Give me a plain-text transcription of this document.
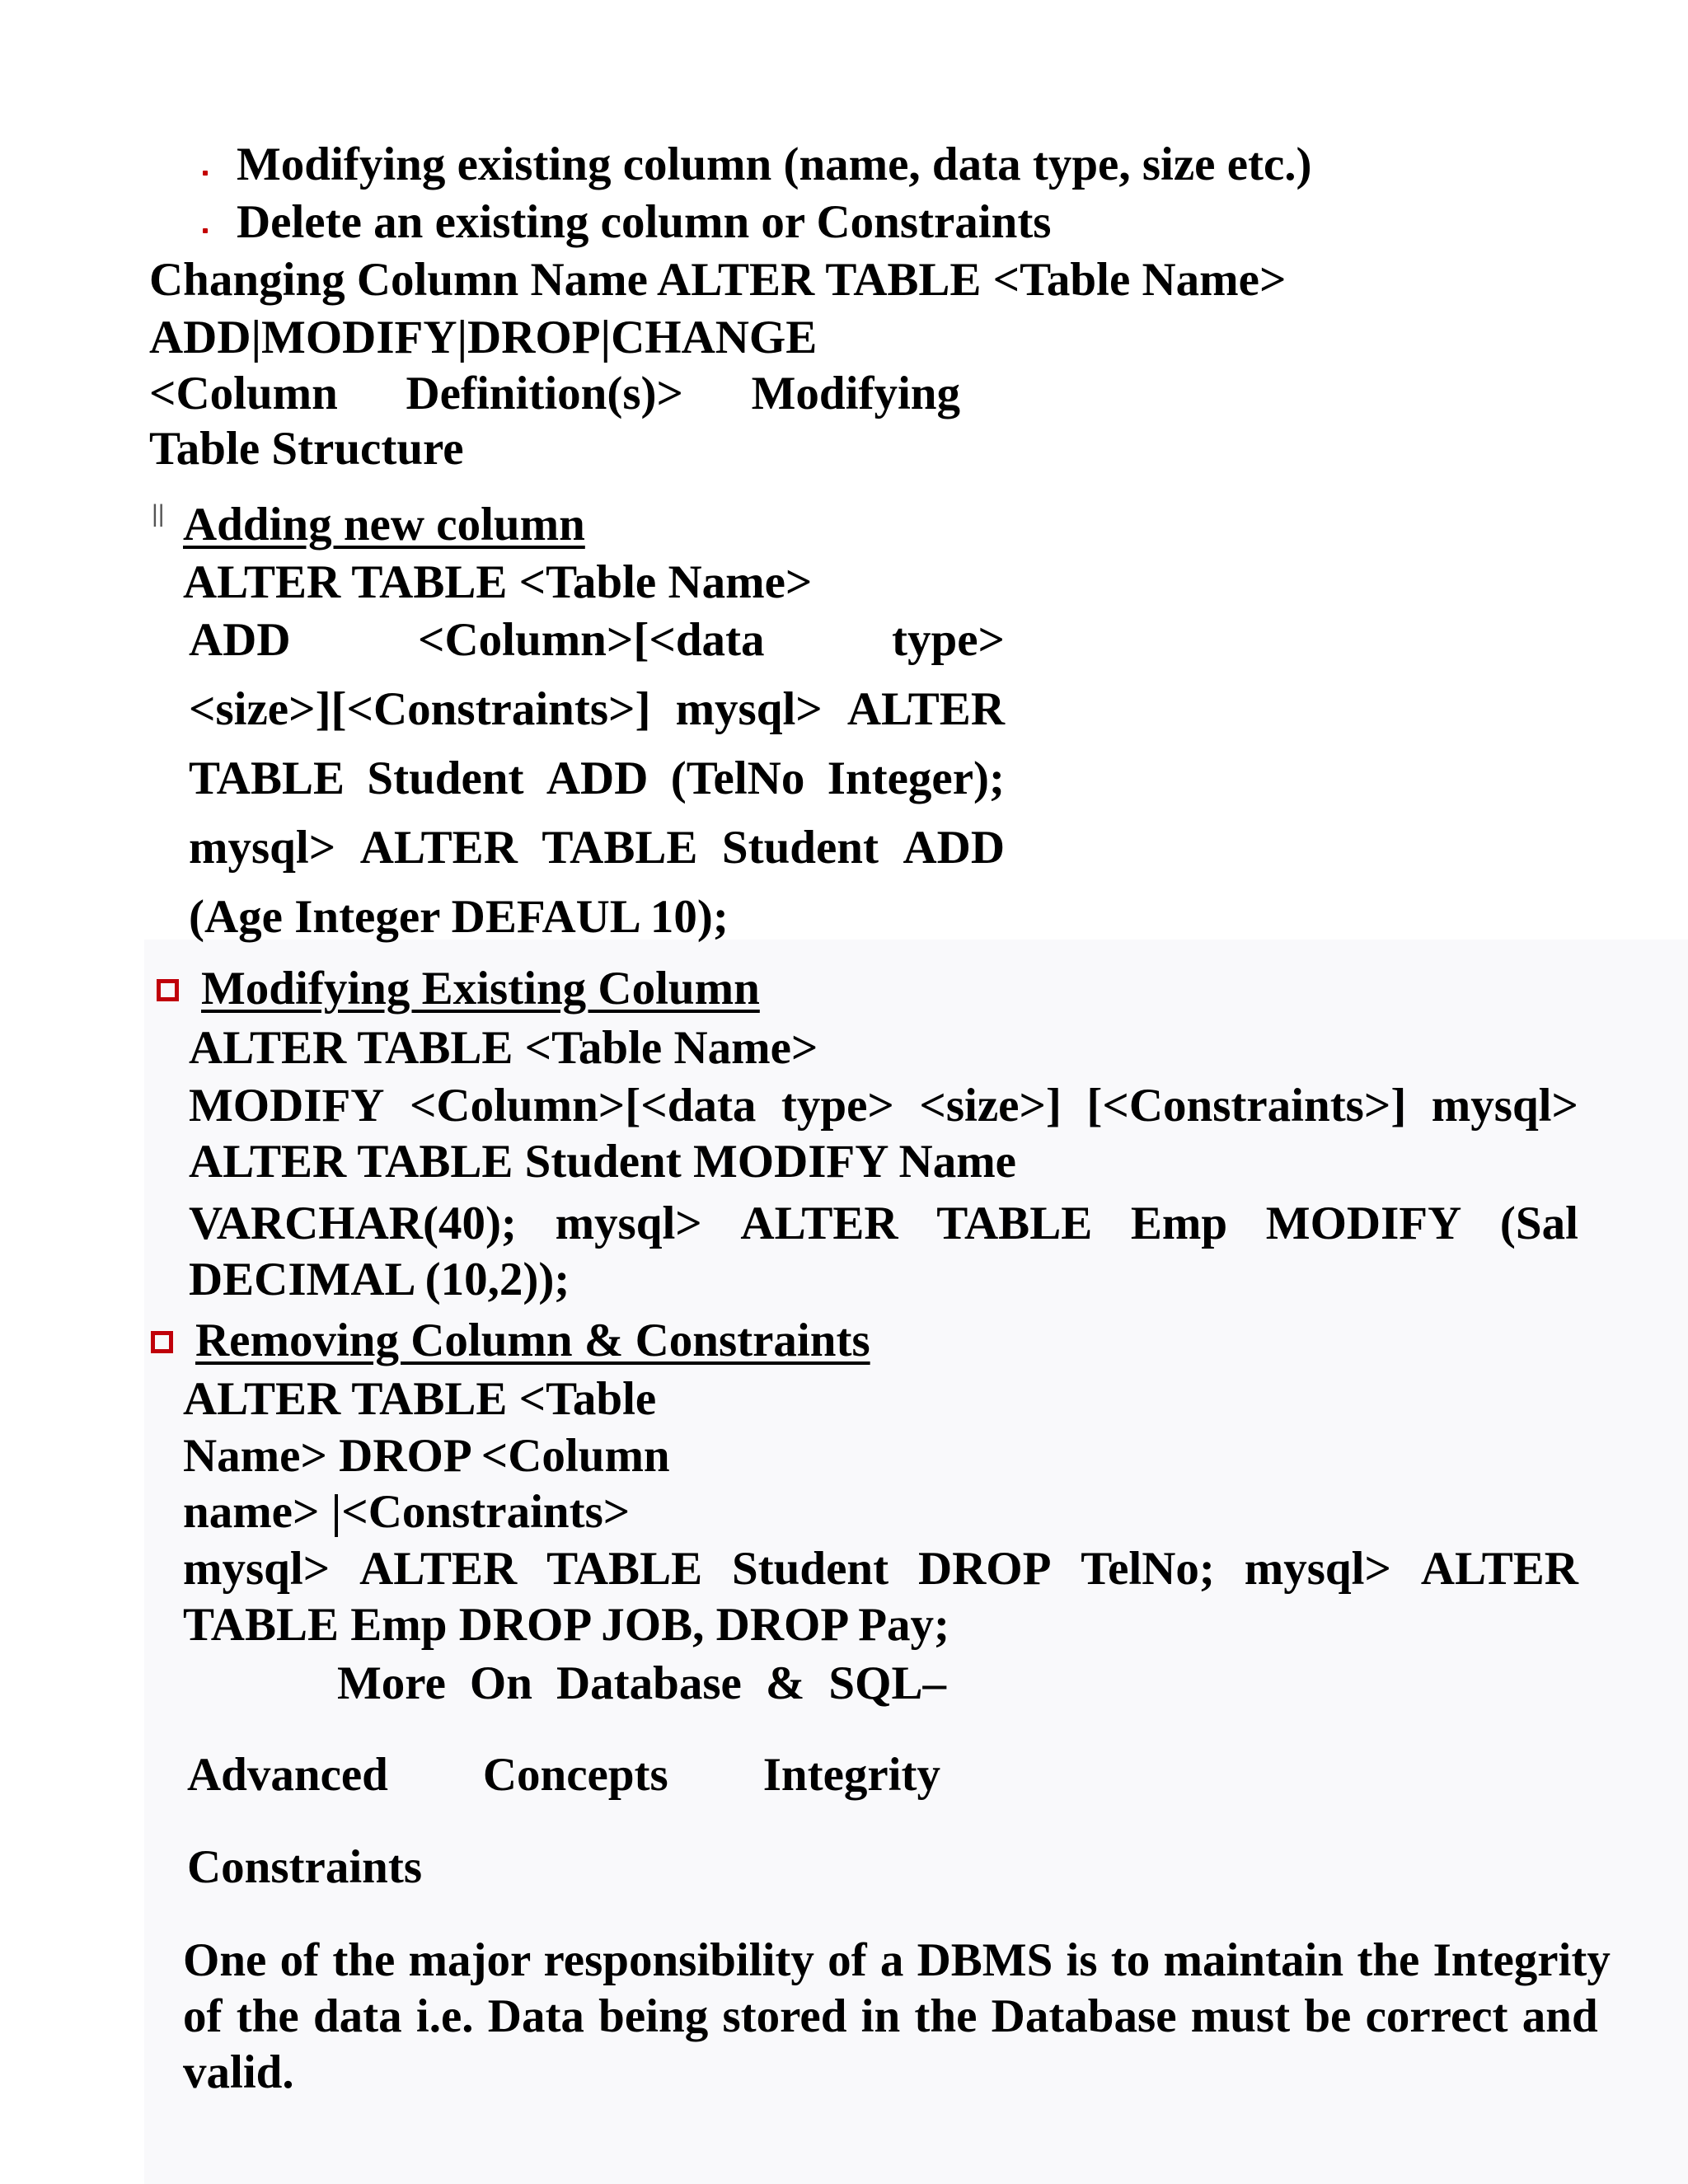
Modifying existing column (name, data type, size etc.)
Delete an existing column or Constraints
Changing Column Name ALTER TABLE <Table Name>
ADD|MODIFY|DROP|CHANGE
<Column Definition(s)> Modifying
Table Structure
|| Adding new column
ALTER TABLE <Table Name>
ADD	<Column>[<data	type>
<size>][<Constraints>] mysql> ALTER
TABLE Student ADD (TelNo Integer);
mysql> ALTER TABLE Student ADD
(Age Integer DEFAUL 10);
Modifying Existing Column
ALTER TABLE <Table Name>
MODIFY <Column>[<data type> <size>] [<Constraints>] mysql>
ALTER TABLE Student MODIFY Name
VARCHAR(40); mysql> ALTER TABLE Emp MODIFY (Sal
DECIMAL (10,2));
Removing Column & Constraints
ALTER TABLE <Table
Name> DROP <Column
name> |<Constraints>
mysql> ALTER TABLE Student DROP TelNo; mysql> ALTER
TABLE Emp DROP JOB, DROP Pay;
More On Database & SQL–
Advanced Concepts Integrity
Constraints
One of the major responsibility of a DBMS is to maintain the Integrity
of the data i.e. Data being stored in the Database must be correct and
valid.
